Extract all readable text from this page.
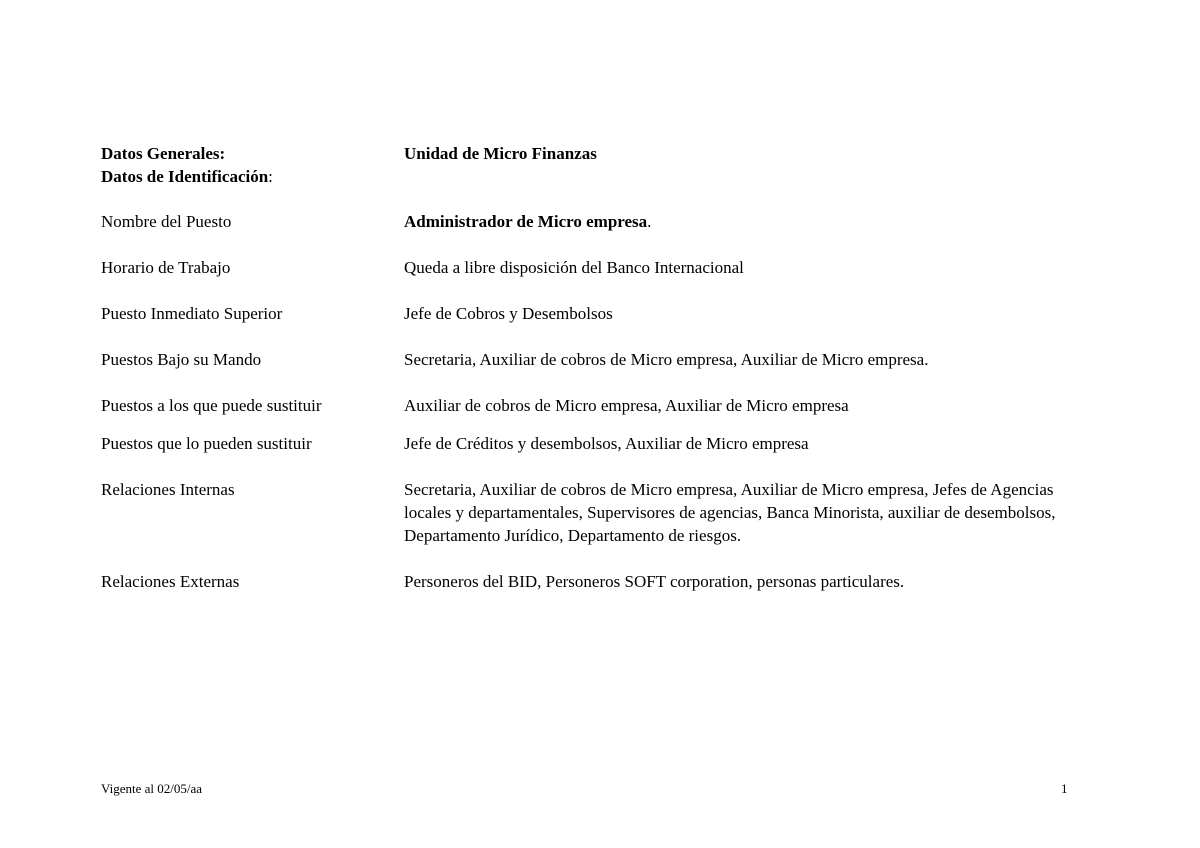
Datos Generales:	Unidad de Micro Finanzas
Datos de Identificación:
Nombre del Puesto	Administrador de Micro empresa.
Horario de Trabajo	Queda a libre disposición del Banco Internacional
Puesto Inmediato Superior	Jefe de Cobros y Desembolsos
Puestos Bajo su Mando	Secretaria, Auxiliar de cobros de Micro empresa, Auxiliar de Micro empresa.
Puestos a los que puede sustituir	Auxiliar de cobros de Micro empresa, Auxiliar de Micro empresa
Puestos que lo pueden sustituir	Jefe de Créditos y desembolsos, Auxiliar de Micro empresa
Relaciones Internas	Secretaria, Auxiliar de cobros de Micro empresa, Auxiliar de Micro empresa, Jefes de Agencias     locales y departamentales, Supervisores de agencias, Banca Minorista, auxiliar de desembolsos, Departamento Jurídico, Departamento de riesgos.
Relaciones Externas	Personeros del BID, Personeros SOFT corporation, personas particulares.
Vigente al 02/05/aa	1
